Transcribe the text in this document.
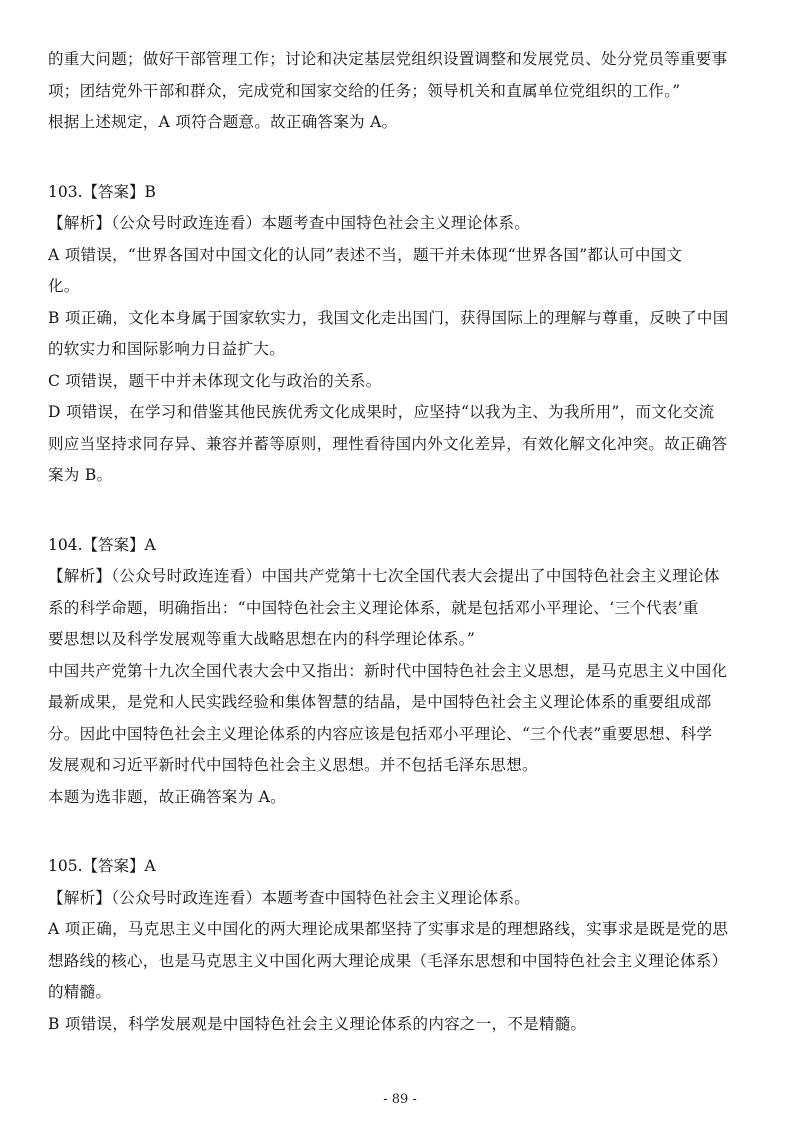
的重大问题；做好干部管理工作；讨论和决定基层党组织设置调整和发展党员、处分党员等重要事
项；团结党外干部和群众，完成党和国家交给的任务；领导机关和直属单位党组织的工作。”
根据上述规定，A 项符合题意。故正确答案为 A。
103.【答案】B
【解析】（公众号时政连连看）本题考查中国特色社会主义理论体系。
A 项错误，“世界各国对中国文化的认同”表述不当，题干并未体现“世界各国”都认可中国文
化。
B 项正确，文化本身属于国家软实力，我国文化走出国门，获得国际上的理解与尊重，反映了中国
的软实力和国际影响力日益扩大。
C 项错误，题干中并未体现文化与政治的关系。
D 项错误，在学习和借鉴其他民族优秀文化成果时，应坚持“以我为主、为我所用”，而文化交流
则应当坚持求同存异、兼容并蓄等原则，理性看待国内外文化差异，有效化解文化冲突。故正确答
案为 B。
104.【答案】A
【解析】（公众号时政连连看）中国共产党第十七次全国代表大会提出了中国特色社会主义理论体
系的科学命题，明确指出：“中国特色社会主义理论体系，就是包括邓小平理论、‘三个代表’重
要思想以及科学发展观等重大战略思想在内的科学理论体系。”
中国共产党第十九次全国代表大会中又指出：新时代中国特色社会主义思想，是马克思主义中国化
最新成果，是党和人民实践经验和集体智慧的结晶，是中国特色社会主义理论体系的重要组成部
分。因此中国特色社会主义理论体系的内容应该是包括邓小平理论、“三个代表”重要思想、科学
发展观和习近平新时代中国特色社会主义思想。并不包括毛泽东思想。
本题为选非题，故正确答案为 A。
105.【答案】A
【解析】（公众号时政连连看）本题考查中国特色社会主义理论体系。
A 项正确，马克思主义中国化的两大理论成果都坚持了实事求是的理想路线，实事求是既是党的思
想路线的核心，也是马克思主义中国化两大理论成果（毛泽东思想和中国特色社会主义理论体系）
的精髓。
B 项错误，科学发展观是中国特色社会主义理论体系的内容之一，不是精髓。
- 89 -
